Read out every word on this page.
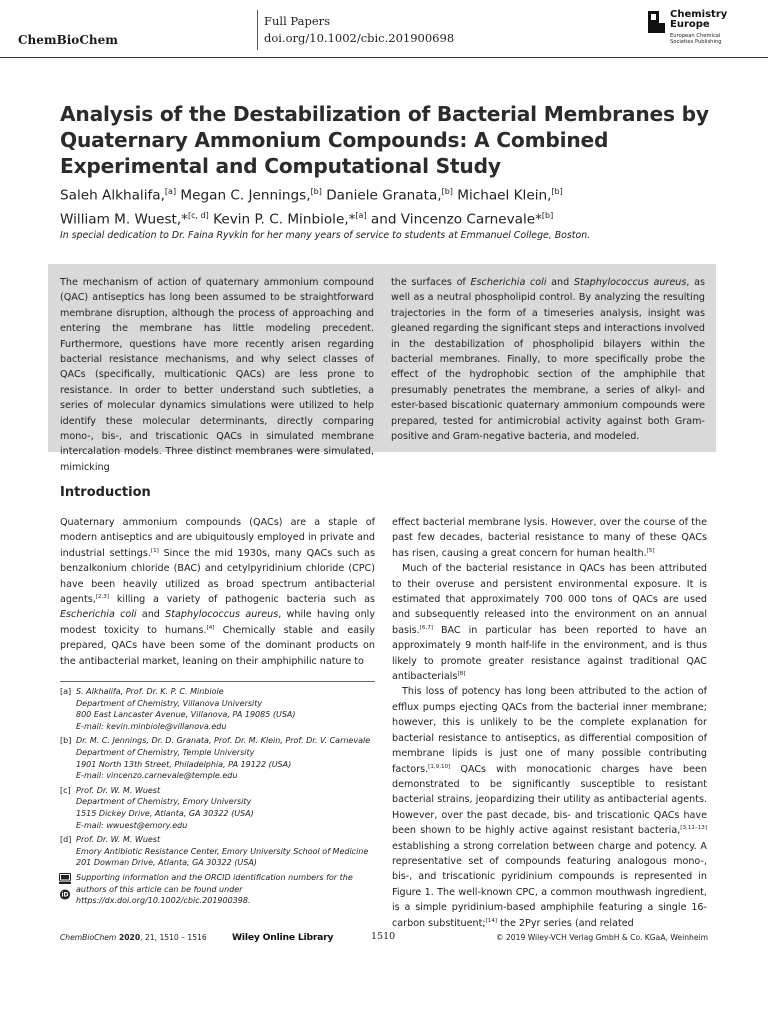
ChemBioChem
Full Papers
doi.org/10.1002/cbic.201900698
Chemistry
Europe
European Chemical
Societies Publishing
Analysis of the Destabilization of Bacterial Membranes by Quaternary Ammonium Compounds: A Combined Experimental and Computational Study
Saleh Alkhalifa,[a] Megan C. Jennings,[b] Daniele Granata,[b] Michael Klein,[b]
William M. Wuest,*[c, d] Kevin P. C. Minbiole,*[a] and Vincenzo Carnevale*[b]
In special dedication to Dr. Faina Ryvkin for her many years of service to students at Emmanuel College, Boston.
The mechanism of action of quaternary ammonium compound (QAC) antiseptics has long been assumed to be straightforward membrane disruption, although the process of approaching and entering the membrane has little modeling precedent. Furthermore, questions have more recently arisen regarding bacterial resistance mechanisms, and why select classes of QACs (specifically, multicationic QACs) are less prone to resistance. In order to better understand such subtleties, a series of molecular dynamics simulations were utilized to help identify these molecular determinants, directly comparing mono-, bis-, and triscationic QACs in simulated membrane intercalation models. Three distinct membranes were simulated, mimicking
the surfaces of Escherichia coli and Staphylococcus aureus, as well as a neutral phospholipid control. By analyzing the resulting trajectories in the form of a timeseries analysis, insight was gleaned regarding the significant steps and interactions involved in the destabilization of phospholipid bilayers within the bacterial membranes. Finally, to more specifically probe the effect of the hydrophobic section of the amphiphile that presumably penetrates the membrane, a series of alkyl- and ester-based biscationic quaternary ammonium compounds were prepared, tested for antimicrobial activity against both Gram-positive and Gram-negative bacteria, and modeled.
Introduction

Quaternary ammonium compounds (QACs) are a staple of modern antiseptics and are ubiquitously employed in private and industrial settings.[1] Since the mid 1930s, many QACs such as benzalkonium chloride (BAC) and cetylpyridinium chloride (CPC) have been heavily utilized as broad spectrum antibacterial agents,[2,3] killing a variety of pathogenic bacteria such as Escherichia coli and Staphylococcus aureus, while having only modest toxicity to humans.[4] Chemically stable and easily prepared, QACs have been some of the dominant products on the antibacterial market, leaning on their amphiphilic nature to

effect bacterial membrane lysis. However, over the course of the past few decades, bacterial resistance to many of these QACs has risen, causing a great concern for human health.[5]

Much of the bacterial resistance in QACs has been attributed to their overuse and persistent environmental exposure. It is estimated that approximately 700 000 tons of QACs are used and subsequently released into the environment on an annual basis.[6,7] BAC in particular has been reported to have an approximately 9 month half-life in the environment, and is thus likely to promote greater resistance against traditional QAC antibacterials[8]

This loss of potency has long been attributed to the action of efflux pumps ejecting QACs from the bacterial inner membrane; however, this is unlikely to be the complete explanation for bacterial resistance to antiseptics, as differential composition of membrane lipids is just one of many possible contributing factors.[1,9,10] QACs with monocationic charges have been demonstrated to be significantly susceptible to resistant bacterial strains, jeopardizing their utility as antibacterial agents. However, over the past decade, bis- and triscationic QACs have been shown to be highly active against resistant bacteria,[3,11–13] establishing a strong correlation between charge and potency. A representative set of compounds featuring analogous mono-, bis-, and triscationic pyridinium compounds is represented in Figure 1. The well-known CPC, a common mouthwash ingredient, is a simple pyridinium-based amphiphile featuring a single 16-carbon substituent;[14] the 2Pyr series (and related

[a] S. Alkhalifa, Prof. Dr. K. P. C. Minbiole
Department of Chemistry, Villanova University
800 East Lancaster Avenue, Villanova, PA 19085 (USA)
E-mail: kevin.minbiole@villanova.edu
[b] Dr. M. C. Jennings, Dr. D. Granata, Prof. Dr. M. Klein, Prof. Dr. V. Carnevale
Department of Chemistry, Temple University
1901 North 13th Street, Philadelphia, PA 19122 (USA)
E-mail: vincenzo.carnevale@temple.edu
[c] Prof. Dr. W. M. Wuest
Department of Chemistry, Emory University
1515 Dickey Drive, Atlanta, GA 30322 (USA)
E-mail: wwuest@emory.edu
[d] Prof. Dr. W. M. Wuest
Emory Antibiotic Resistance Center, Emory University School of Medicine
201 Dowman Drive, Atlanta, GA 30322 (USA)
iD
Supporting information and the ORCID identification numbers for the authors of this article can be found under https://dx.doi.org/10.1002/cbic.201900398.
ChemBioChem 2020, 21, 1510 – 1516	Wiley Online Library	1510	© 2019 Wiley-VCH Verlag GmbH & Co. KGaA, Weinheim
